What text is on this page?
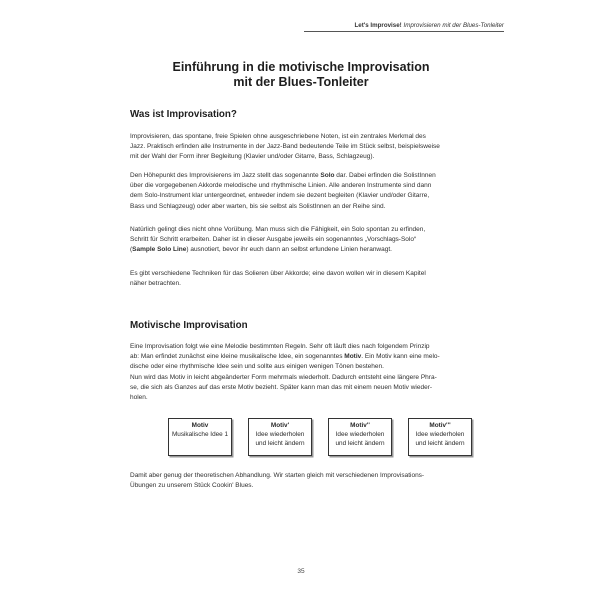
Let's Improvise! Improvisieren mit der Blues-Tonleiter
Einführung in die motivische Improvisation
mit der Blues-Tonleiter
Was ist Improvisation?

Improvisieren, das spontane, freie Spielen ohne ausgeschriebene Noten, ist ein zentrales Merkmal des
Jazz. Praktisch erfinden alle Instrumente in der Jazz-Band bedeutende Teile im Stück selbst, beispielsweise
mit der Wahl der Form ihrer Begleitung (Klavier und/oder Gitarre, Bass, Schlagzeug).

Den Höhepunkt des Improvisierens im Jazz stellt das sogenannte Solo dar. Dabei erfinden die SolistInnen
über die vorgegebenen Akkorde melodische und rhythmische Linien. Alle anderen Instrumente sind dann
dem Solo-Instrument klar untergeordnet, entweder indem sie dezent begleiten (Klavier und/oder Gitarre,
Bass und Schlagzeug) oder aber warten, bis sie selbst als SolistInnen an der Reihe sind.

Natürlich gelingt dies nicht ohne Vorübung. Man muss sich die Fähigkeit, ein Solo spontan zu erfinden,
Schritt für Schritt erarbeiten. Daher ist in dieser Ausgabe jeweils ein sogenanntes „Vorschlags-Solo“
(Sample Solo Line) ausnotiert, bevor ihr euch dann an selbst erfundene Linien heranwagt.

Es gibt verschiedene Techniken für das Solieren über Akkorde; eine davon wollen wir in diesem Kapitel
näher betrachten.

Motivische Improvisation

Eine Improvisation folgt wie eine Melodie bestimmten Regeln. Sehr oft läuft dies nach folgendem Prinzip
ab: Man erfindet zunächst eine kleine musikalische Idee, ein sogenanntes Motiv. Ein Motiv kann eine melo-
dische oder eine rhythmische Idee sein und sollte aus einigen wenigen Tönen bestehen.
Nun wird das Motiv in leicht abgeänderter Form mehrmals wiederholt. Dadurch entsteht eine längere Phra-
se, die sich als Ganzes auf das erste Motiv bezieht. Später kann man das mit einem neuen Motiv wieder-
holen.

Motiv
Musikalische Idee 1
Motiv'
Idee wiederholen
und leicht ändern
Motiv''
Idee wiederholen
und leicht ändern
Motiv'''
Idee wiederholen
und leicht ändern

Damit aber genug der theoretischen Abhandlung. Wir starten gleich mit verschiedenen Improvisations-
Übungen zu unserem Stück Cookin' Blues.

35
